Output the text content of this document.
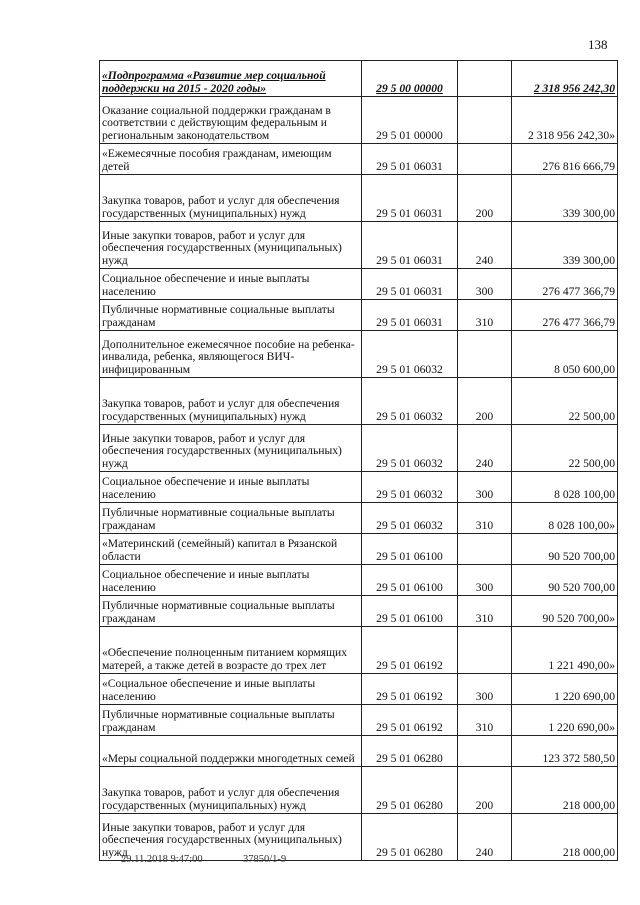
138
«Подпрограмма «Развитие мер социальной поддержки на 2015 - 2020 годы»	29 5 00 00000		2 318 956 242,30
Оказание социальной поддержки гражданам в соответствии с действующим федеральным и региональным законодательством	29 5 01 00000		2 318 956 242,30»
«Ежемесячные пособия гражданам, имеющим детей	29 5 01 06031		276 816 666,79
Закупка товаров, работ и услуг для обеспечения государственных (муниципальных) нужд	29 5 01 06031	200	339 300,00
Иные закупки товаров, работ и услуг для обеспечения государственных (муниципальных) нужд	29 5 01 06031	240	339 300,00
Социальное обеспечение и иные выплаты населению	29 5 01 06031	300	276 477 366,79
Публичные нормативные социальные выплаты гражданам	29 5 01 06031	310	276 477 366,79
Дополнительное ежемесячное пособие на ребенка-инвалида, ребенка, являющегося ВИЧ-инфицированным	29 5 01 06032		8 050 600,00
Закупка товаров, работ и услуг для обеспечения государственных (муниципальных) нужд	29 5 01 06032	200	22 500,00
Иные закупки товаров, работ и услуг для обеспечения государственных (муниципальных) нужд	29 5 01 06032	240	22 500,00
Социальное обеспечение и иные выплаты населению	29 5 01 06032	300	8 028 100,00
Публичные нормативные социальные выплаты гражданам	29 5 01 06032	310	8 028 100,00»
«Материнский (семейный) капитал в Рязанской области	29 5 01 06100		90 520 700,00
Социальное обеспечение и иные выплаты населению	29 5 01 06100	300	90 520 700,00
Публичные нормативные социальные выплаты гражданам	29 5 01 06100	310	90 520 700,00»
«Обеспечение полноценным питанием кормящих матерей, а также детей в возрасте до трех лет	29 5 01 06192		1 221 490,00»
«Социальное обеспечение и иные выплаты населению	29 5 01 06192	300	1 220 690,00
Публичные нормативные социальные выплаты гражданам	29 5 01 06192	310	1 220 690,00»
«Меры социальной поддержки многодетных семей	29 5 01 06280		123 372 580,50
Закупка товаров, работ и услуг для обеспечения государственных (муниципальных) нужд	29 5 01 06280	200	218 000,00
Иные закупки товаров, работ и услуг для обеспечения государственных (муниципальных) нужд	29 5 01 06280	240	218 000,00
29.11.2018 9:47:00	37850/1-9
